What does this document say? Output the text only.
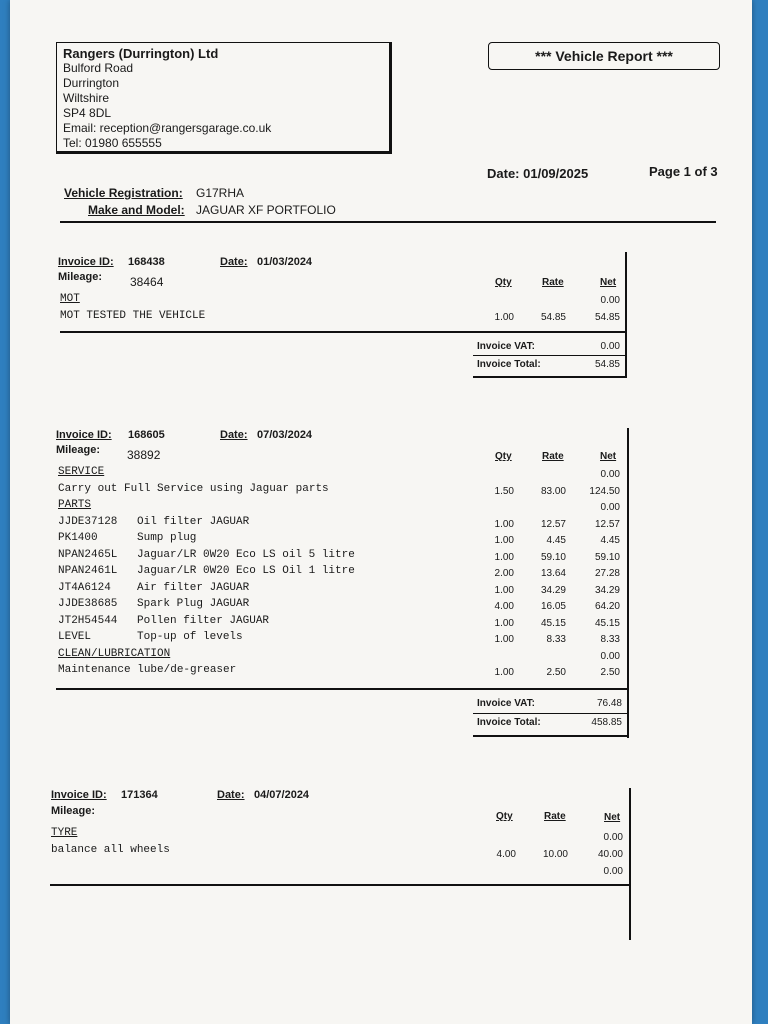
Rangers (Durrington) Ltd
Bulford Road
Durrington
Wiltshire
SP4 8DL
Email: reception@rangersgarage.co.uk
Tel: 01980 655555
*** Vehicle Report ***
Date: 01/09/2025	Page 1 of 3
Vehicle Registration: G17RHA
Make and Model: JAGUAR XF PORTFOLIO
Invoice ID: 168438	Date: 01/03/2024
Mileage: 38464	Qty	Rate	Net
MOT	0.00
MOT TESTED THE VEHICLE	1.00	54.85	54.85
Invoice VAT:	0.00
Invoice Total:	54.85
Invoice ID: 168605	Date: 07/03/2024
Mileage: 38892	Qty	Rate	Net
SERVICE	0.00
Carry out Full Service using Jaguar parts	1.50	83.00	124.50
PARTS	0.00
JJDE37128 Oil filter JAGUAR	1.00	12.57	12.57
PK1400	Sump plug	1.00	4.45	4.45
NPAN2465L Jaguar/LR 0W20 Eco LS oil 5 litre	1.00	59.10	59.10
NPAN2461L Jaguar/LR 0W20 Eco LS Oil 1 litre	2.00	13.64	27.28
JT4A6124 Air filter JAGUAR	1.00	34.29	34.29
JJDE38685 Spark Plug JAGUAR	4.00	16.05	64.20
JT2H54544 Pollen filter JAGUAR	1.00	45.15	45.15
LEVEL	Top-up of levels	1.00	8.33	8.33
CLEAN/LUBRICATION	0.00
Maintenance lube/de-greaser	1.00	2.50	2.50
Invoice VAT:	76.48
Invoice Total:	458.85
Invoice ID: 171364	Date: 04/07/2024
Mileage:	Qty	Rate	Net
TYRE	0.00
balance all wheels	4.00	10.00	40.00
0.00
